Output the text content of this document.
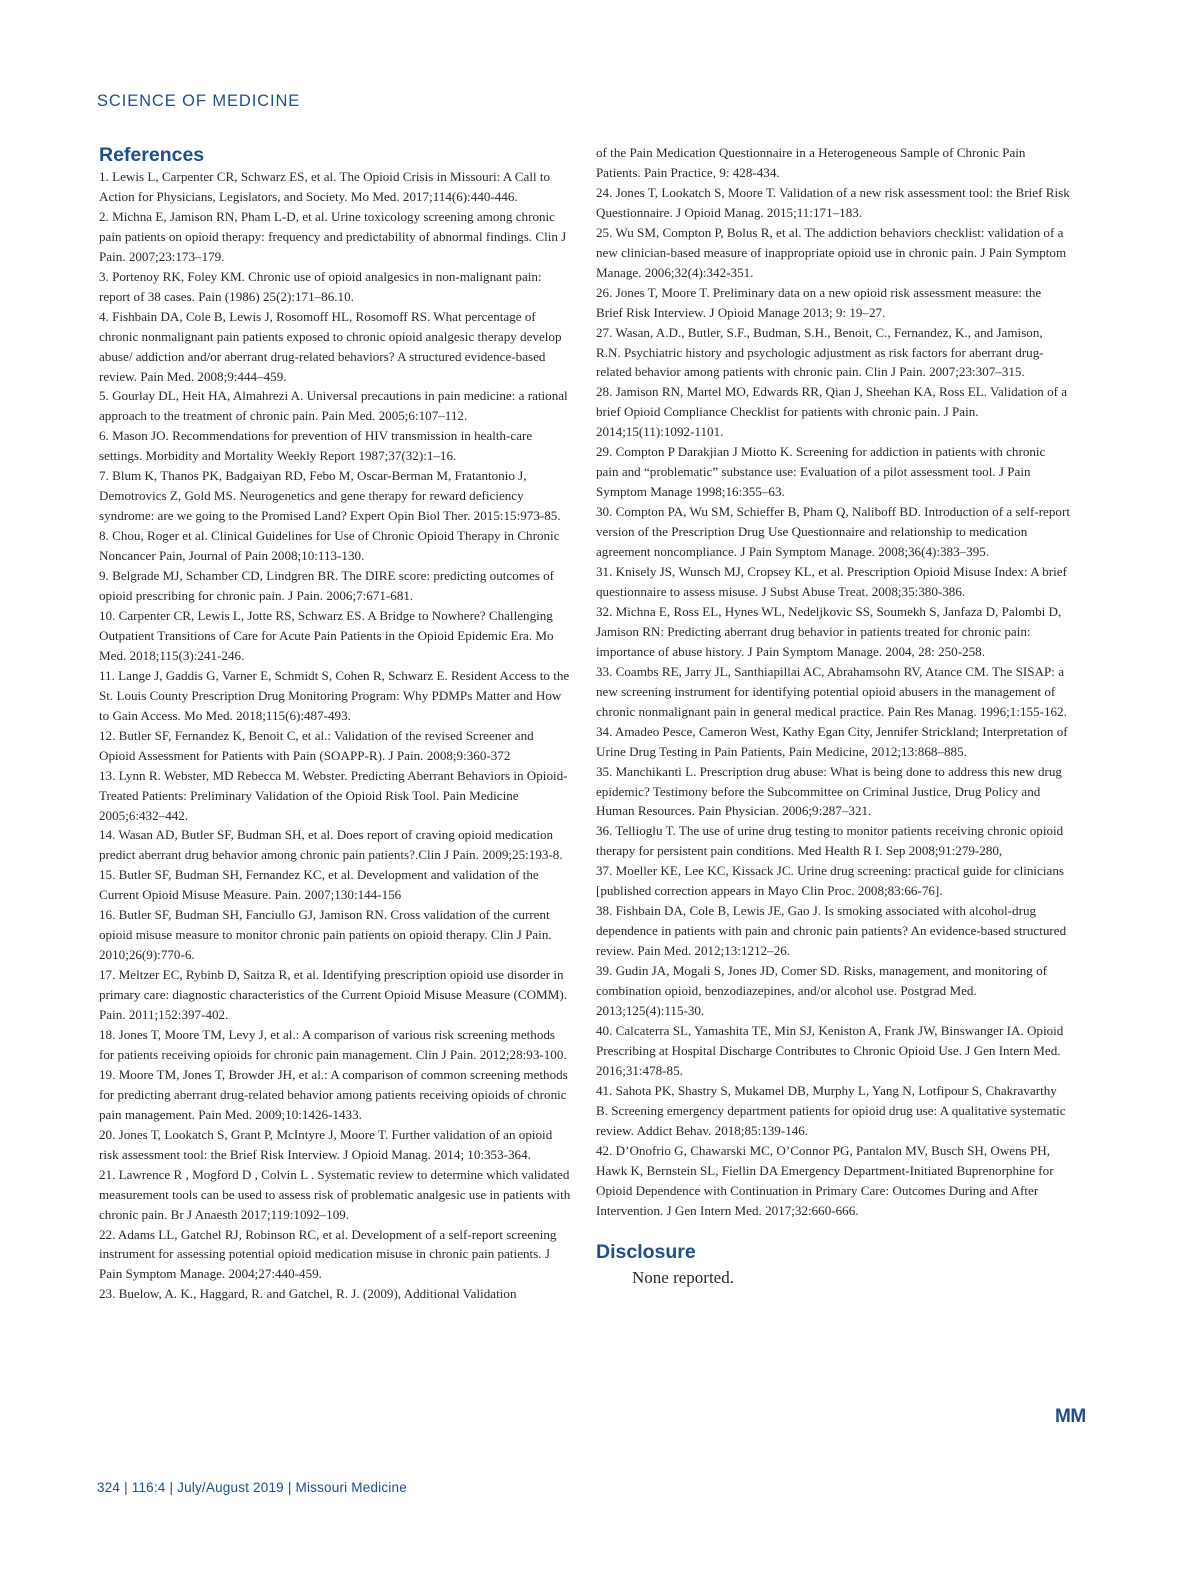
SCIENCE OF MEDICINE
References
1. Lewis L, Carpenter CR, Schwarz ES, et al. The Opioid Crisis in Missouri: A Call to Action for Physicians, Legislators, and Society. Mo Med. 2017;114(6):440-446.
2. Michna E, Jamison RN, Pham L-D, et al. Urine toxicology screening among chronic pain patients on opioid therapy: frequency and predictability of abnormal findings. Clin J Pain. 2007;23:173–179.
3. Portenoy RK, Foley KM. Chronic use of opioid analgesics in non-malignant pain: report of 38 cases. Pain (1986) 25(2):171–86.10.
4. Fishbain DA, Cole B, Lewis J, Rosomoff HL, Rosomoff RS. What percentage of chronic nonmalignant pain patients exposed to chronic opioid analgesic therapy develop abuse/ addiction and/or aberrant drug-related behaviors? A structured evidence-based review. Pain Med. 2008;9:444–459.
5. Gourlay DL, Heit HA, Almahrezi A. Universal precautions in pain medicine: a rational approach to the treatment of chronic pain. Pain Med. 2005;6:107–112.
6. Mason JO. Recommendations for prevention of HIV transmission in health-care settings. Morbidity and Mortality Weekly Report 1987;37(32):1–16.
7. Blum K, Thanos PK, Badgaiyan RD, Febo M, Oscar-Berman M, Fratantonio J, Demotrovics Z, Gold MS. Neurogenetics and gene therapy for reward deficiency syndrome: are we going to the Promised Land? Expert Opin Biol Ther. 2015:15:973-85.
8. Chou, Roger et al. Clinical Guidelines for Use of Chronic Opioid Therapy in Chronic Noncancer Pain, Journal of Pain 2008;10:113-130.
9. Belgrade MJ, Schamber CD, Lindgren BR. The DIRE score: predicting outcomes of opioid prescribing for chronic pain. J Pain. 2006;7:671-681.
10. Carpenter CR, Lewis L, Jotte RS, Schwarz ES. A Bridge to Nowhere? Challenging Outpatient Transitions of Care for Acute Pain Patients in the Opioid Epidemic Era. Mo Med. 2018;115(3):241-246.
11. Lange J, Gaddis G, Varner E, Schmidt S, Cohen R, Schwarz E. Resident Access to the St. Louis County Prescription Drug Monitoring Program: Why PDMPs Matter and How to Gain Access. Mo Med. 2018;115(6):487-493.
12. Butler SF, Fernandez K, Benoit C, et al.: Validation of the revised Screener and Opioid Assessment for Patients with Pain (SOAPP-R). J Pain. 2008;9:360-372
13. Lynn R. Webster, MD Rebecca M. Webster. Predicting Aberrant Behaviors in Opioid-Treated Patients: Preliminary Validation of the Opioid Risk Tool. Pain Medicine 2005;6:432–442.
14. Wasan AD, Butler SF, Budman SH, et al. Does report of craving opioid medication predict aberrant drug behavior among chronic pain patients?.Clin J Pain. 2009;25:193-8.
15. Butler SF, Budman SH, Fernandez KC, et al. Development and validation of the Current Opioid Misuse Measure. Pain. 2007;130:144-156
16. Butler SF, Budman SH, Fanciullo GJ, Jamison RN. Cross validation of the current opioid misuse measure to monitor chronic pain patients on opioid therapy. Clin J Pain. 2010;26(9):770-6.
17. Meltzer EC, Rybinb D, Saitza R, et al. Identifying prescription opioid use disorder in primary care: diagnostic characteristics of the Current Opioid Misuse Measure (COMM). Pain. 2011;152:397-402.
18. Jones T, Moore TM, Levy J, et al.: A comparison of various risk screening methods for patients receiving opioids for chronic pain management. Clin J Pain. 2012;28:93-100.
19. Moore TM, Jones T, Browder JH, et al.: A comparison of common screening methods for predicting aberrant drug-related behavior among patients receiving opioids of chronic pain management. Pain Med. 2009;10:1426-1433.
20. Jones T, Lookatch S, Grant P, McIntyre J, Moore T. Further validation of an opioid risk assessment tool: the Brief Risk Interview. J Opioid Manag. 2014; 10:353-364.
21. Lawrence R , Mogford D , Colvin L . Systematic review to determine which validated measurement tools can be used to assess risk of problematic analgesic use in patients with chronic pain. Br J Anaesth 2017;119:1092–109.
22. Adams LL, Gatchel RJ, Robinson RC, et al. Development of a self-report screening instrument for assessing potential opioid medication misuse in chronic pain patients. J Pain Symptom Manage. 2004;27:440-459.
23. Buelow, A. K., Haggard, R. and Gatchel, R. J. (2009), Additional Validation
of the Pain Medication Questionnaire in a Heterogeneous Sample of Chronic Pain Patients. Pain Practice, 9: 428-434.
24. Jones T, Lookatch S, Moore T. Validation of a new risk assessment tool: the Brief Risk Questionnaire. J Opioid Manag. 2015;11:171–183.
25. Wu SM, Compton P, Bolus R, et al. The addiction behaviors checklist: validation of a new clinician-based measure of inappropriate opioid use in chronic pain. J Pain Symptom Manage. 2006;32(4):342-351.
26. Jones T, Moore T. Preliminary data on a new opioid risk assessment measure: the Brief Risk Interview. J Opioid Manage 2013; 9: 19–27.
27. Wasan, A.D., Butler, S.F., Budman, S.H., Benoit, C., Fernandez, K., and Jamison, R.N. Psychiatric history and psychologic adjustment as risk factors for aberrant drug-related behavior among patients with chronic pain. Clin J Pain. 2007;23:307–315.
28. Jamison RN, Martel MO, Edwards RR, Qian J, Sheehan KA, Ross EL. Validation of a brief Opioid Compliance Checklist for patients with chronic pain. J Pain. 2014;15(11):1092-1101.
29. Compton P Darakjian J Miotto K. Screening for addiction in patients with chronic pain and “problematic” substance use: Evaluation of a pilot assessment tool. J Pain Symptom Manage 1998;16:355–63.
30. Compton PA, Wu SM, Schieffer B, Pham Q, Naliboff BD. Introduction of a self-report version of the Prescription Drug Use Questionnaire and relationship to medication agreement noncompliance. J Pain Symptom Manage. 2008;36(4):383–395.
31. Knisely JS, Wunsch MJ, Cropsey KL, et al. Prescription Opioid Misuse Index: A brief questionnaire to assess misuse. J Subst Abuse Treat. 2008;35:380-386.
32. Michna E, Ross EL, Hynes WL, Nedeljkovic SS, Soumekh S, Janfaza D, Palombi D, Jamison RN: Predicting aberrant drug behavior in patients treated for chronic pain: importance of abuse history. J Pain Symptom Manage. 2004, 28: 250-258.
33. Coambs RE, Jarry JL, Santhiapillai AC, Abrahamsohn RV, Atance CM. The SISAP: a new screening instrument for identifying potential opioid abusers in the management of chronic nonmalignant pain in general medical practice. Pain Res Manag. 1996;1:155-162.
34. Amadeo Pesce, Cameron West, Kathy Egan City, Jennifer Strickland; Interpretation of Urine Drug Testing in Pain Patients, Pain Medicine, 2012;13:868–885.
35. Manchikanti L. Prescription drug abuse: What is being done to address this new drug epidemic? Testimony before the Subcommittee on Criminal Justice, Drug Policy and Human Resources. Pain Physician. 2006;9:287–321.
36. Tellioglu T. The use of urine drug testing to monitor patients receiving chronic opioid therapy for persistent pain conditions. Med Health R I. Sep 2008;91:279-280,
37. Moeller KE, Lee KC, Kissack JC. Urine drug screening: practical guide for clinicians [published correction appears in Mayo Clin Proc. 2008;83:66-76].
38. Fishbain DA, Cole B, Lewis JE, Gao J. Is smoking associated with alcohol-drug dependence in patients with pain and chronic pain patients? An evidence-based structured review. Pain Med. 2012;13:1212–26.
39. Gudin JA, Mogali S, Jones JD, Comer SD. Risks, management, and monitoring of combination opioid, benzodiazepines, and/or alcohol use. Postgrad Med. 2013;125(4):115-30.
40. Calcaterra SL, Yamashita TE, Min SJ, Keniston A, Frank JW, Binswanger IA. Opioid Prescribing at Hospital Discharge Contributes to Chronic Opioid Use. J Gen Intern Med. 2016;31:478-85.
41. Sahota PK, Shastry S, Mukamel DB, Murphy L, Yang N, Lotfipour S, Chakravarthy B. Screening emergency department patients for opioid drug use: A qualitative systematic review. Addict Behav. 2018;85:139-146.
42. D’Onofrio G, Chawarski MC, O’Connor PG, Pantalon MV, Busch SH, Owens PH, Hawk K, Bernstein SL, Fiellin DA Emergency Department-Initiated Buprenorphine for Opioid Dependence with Continuation in Primary Care: Outcomes During and After Intervention. J Gen Intern Med. 2017;32:660-666.
Disclosure
None reported.
MM
324 | 116:4 | July/August 2019 | Missouri Medicine
